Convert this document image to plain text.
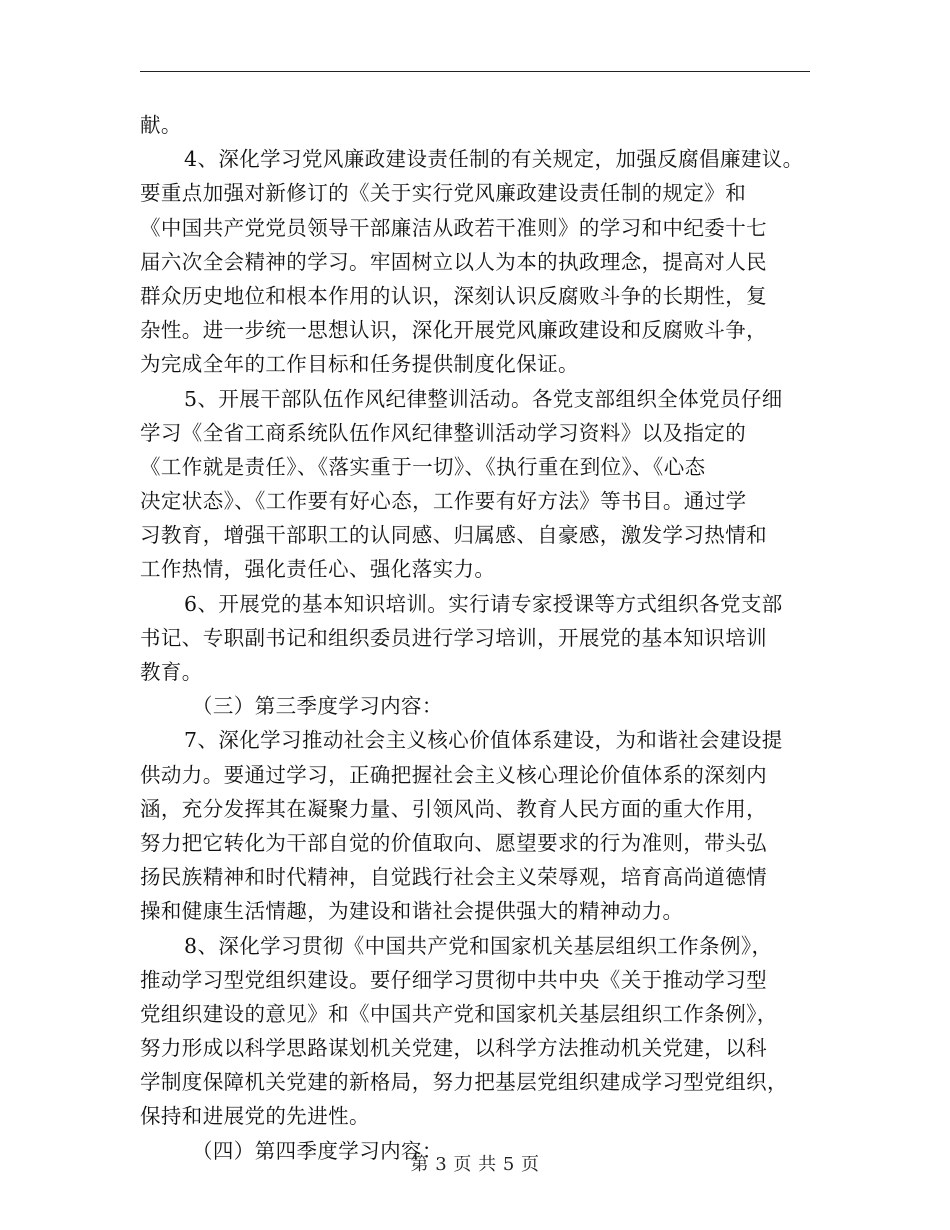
献。
4、深化学习党风廉政建设责任制的有关规定，加强反腐倡廉建议。
要重点加强对新修订的《关于实行党风廉政建设责任制的规定》和
《中国共产党党员领导干部廉洁从政若干准则》的学习和中纪委十七
届六次全会精神的学习。牢固树立以人为本的执政理念，提高对人民
群众历史地位和根本作用的认识，深刻认识反腐败斗争的长期性，复
杂性。进一步统一思想认识，深化开展党风廉政建设和反腐败斗争，
为完成全年的工作目标和任务提供制度化保证。
5、开展干部队伍作风纪律整训活动。各党支部组织全体党员仔细
学习《全省工商系统队伍作风纪律整训活动学习资料》以及指定的
《工作就是责任》、《落实重于一切》、《执行重在到位》、《心态
决定状态》、《工作要有好心态，工作要有好方法》等书目。通过学
习教育，增强干部职工的认同感、归属感、自豪感，激发学习热情和
工作热情，强化责任心、强化落实力。
6、开展党的基本知识培训。实行请专家授课等方式组织各党支部
书记、专职副书记和组织委员进行学习培训，开展党的基本知识培训
教育。
（三）第三季度学习内容：
7、深化学习推动社会主义核心价值体系建设，为和谐社会建设提
供动力。要通过学习，正确把握社会主义核心理论价值体系的深刻内
涵，充分发挥其在凝聚力量、引领风尚、教育人民方面的重大作用，
努力把它转化为干部自觉的价值取向、愿望要求的行为准则，带头弘
扬民族精神和时代精神，自觉践行社会主义荣辱观，培育高尚道德情
操和健康生活情趣，为建设和谐社会提供强大的精神动力。
8、深化学习贯彻《中国共产党和国家机关基层组织工作条例》，
推动学习型党组织建设。要仔细学习贯彻中共中央《关于推动学习型
党组织建设的意见》和《中国共产党和国家机关基层组织工作条例》，
努力形成以科学思路谋划机关党建，以科学方法推动机关党建，以科
学制度保障机关党建的新格局，努力把基层党组织建成学习型党组织，
保持和进展党的先进性。
（四）第四季度学习内容：
第 3 页 共 5 页
